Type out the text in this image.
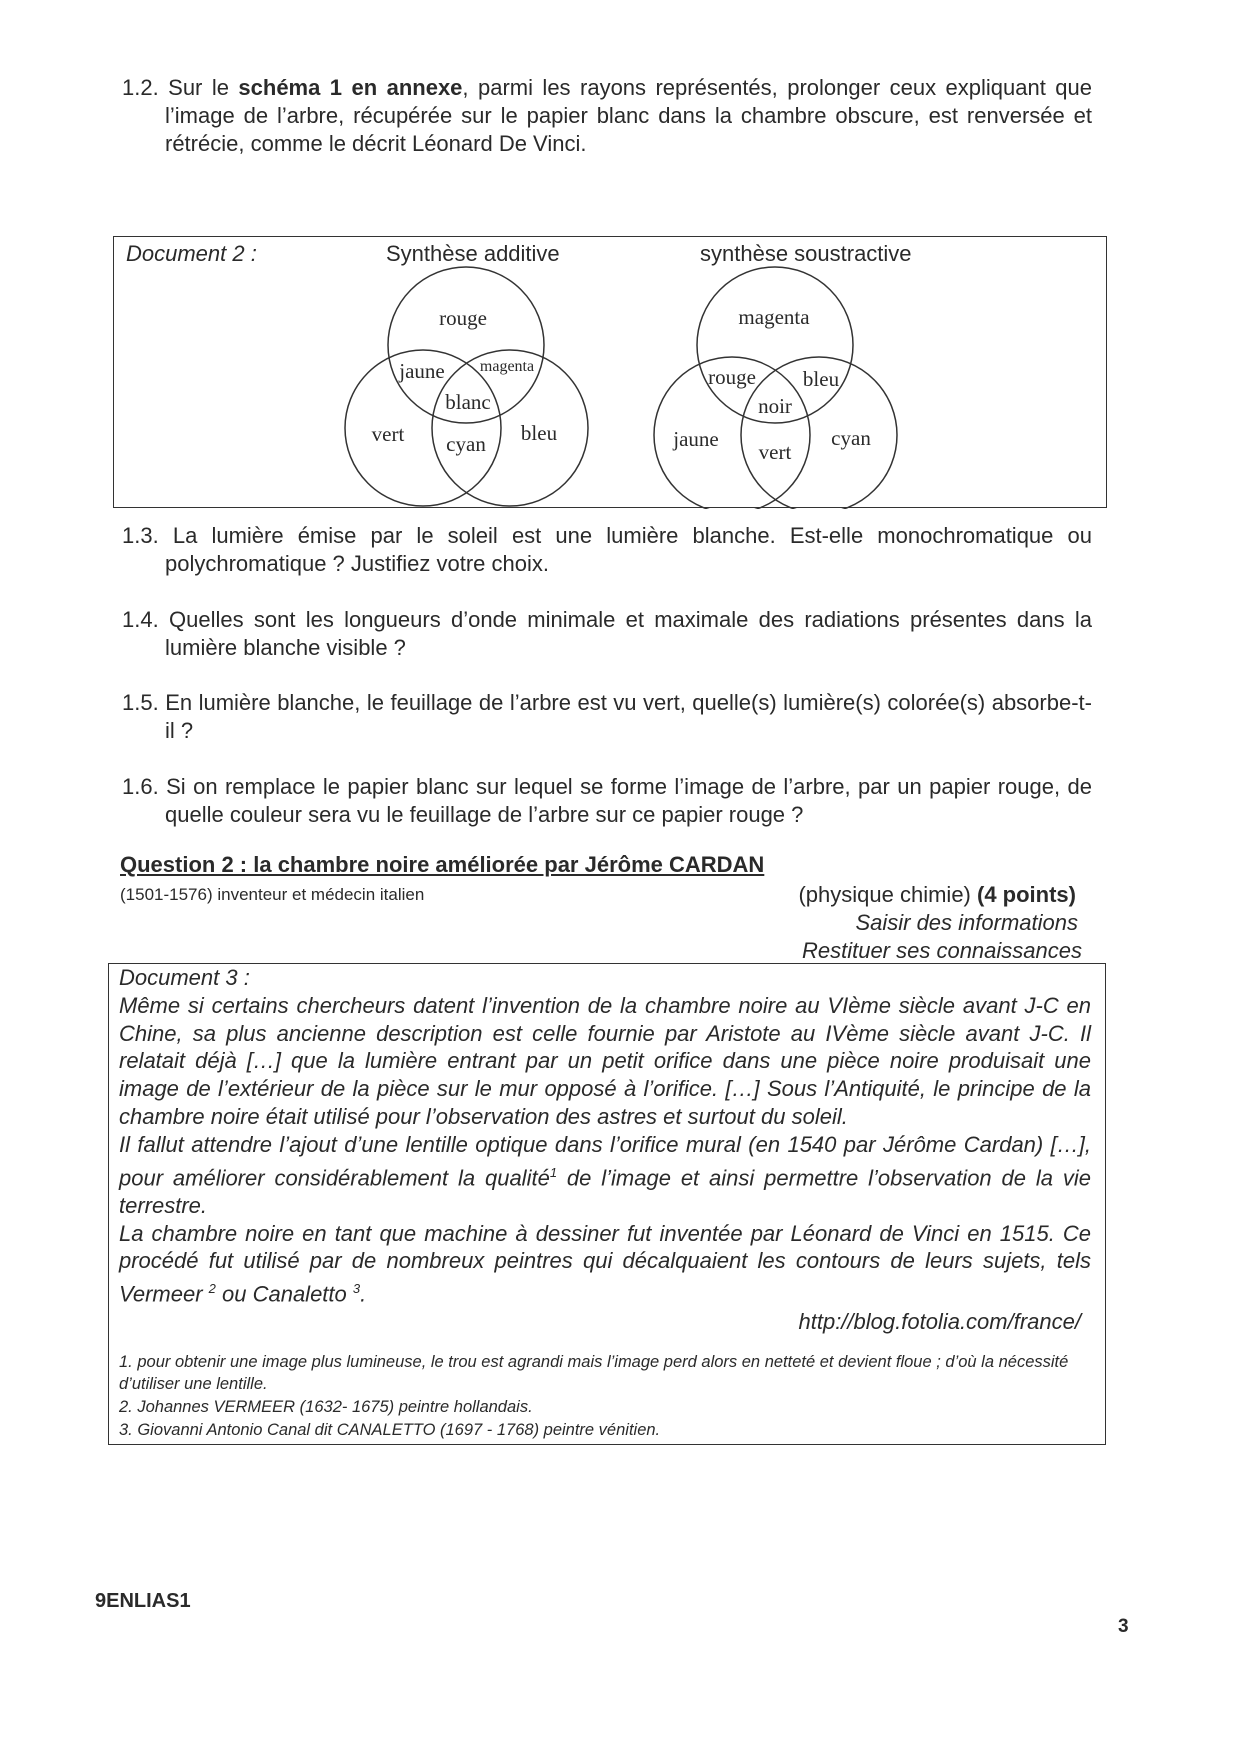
1.2. Sur le schéma 1 en annexe, parmi les rayons représentés, prolonger ceux expliquant que l’image de l’arbre, récupérée sur le papier blanc dans la chambre obscure, est renversée et rétrécie, comme le décrit Léonard De Vinci.
Document 2 :	Synthèse additive	synthèse soustractive
rouge
jaune magenta
blanc
vert cyan bleu
magenta
rouge bleu
noir
jaune
vert
cyan
1.3. La lumière émise par le soleil est une lumière blanche. Est-elle monochromatique ou polychromatique ? Justifiez votre choix.
1.4. Quelles sont les longueurs d’onde minimale et maximale des radiations présentes dans la lumière blanche visible ?
1.5. En lumière blanche, le feuillage de l’arbre est vu vert, quelle(s) lumière(s) colorée(s) absorbe-t-il ?
1.6. Si on remplace le papier blanc sur lequel se forme l’image de l’arbre, par un papier rouge, de quelle couleur sera vu le feuillage de l’arbre sur ce papier rouge ?
Question 2 : la chambre noire améliorée par Jérôme CARDAN
(1501-1576) inventeur et médecin italien	(physique chimie) (4 points)
Saisir des informations
Restituer ses connaissances

Document 3 :

Même si certains chercheurs datent l’invention de la chambre noire au VIème siècle avant J-C en Chine, sa plus ancienne description est celle fournie par Aristote au IVème siècle avant J-C. Il relatait déjà […] que la lumière entrant par un petit orifice dans une pièce noire produisait une image de l’extérieur de la pièce sur le mur opposé à l’orifice. […] Sous l’Antiquité, le principe de la chambre noire était utilisé pour l’observation des astres et surtout du soleil.

Il fallut attendre l’ajout d’une lentille optique dans l’orifice mural (en 1540 par Jérôme Cardan) […], pour améliorer considérablement la qualité$^1$ de l’image et ainsi permettre l’observation de la vie terrestre.

La chambre noire en tant que machine à dessiner fut inventée par Léonard de Vinci en 1515. Ce procédé fut utilisé par de nombreux peintres qui décalquaient les contours de leurs sujets, tels Vermeer $^2$ ou Canaletto $^3$.

http://blog.fotolia.com/france/

1. pour obtenir une image plus lumineuse, le trou est agrandi mais l’image perd alors en netteté et devient floue ; d’où la nécessité d’utiliser une lentille.
2. Johannes VERMEER (1632- 1675) peintre hollandais.
3. Giovanni Antonio Canal dit CANALETTO (1697 - 1768) peintre vénitien.
9ENLIAS1
3
